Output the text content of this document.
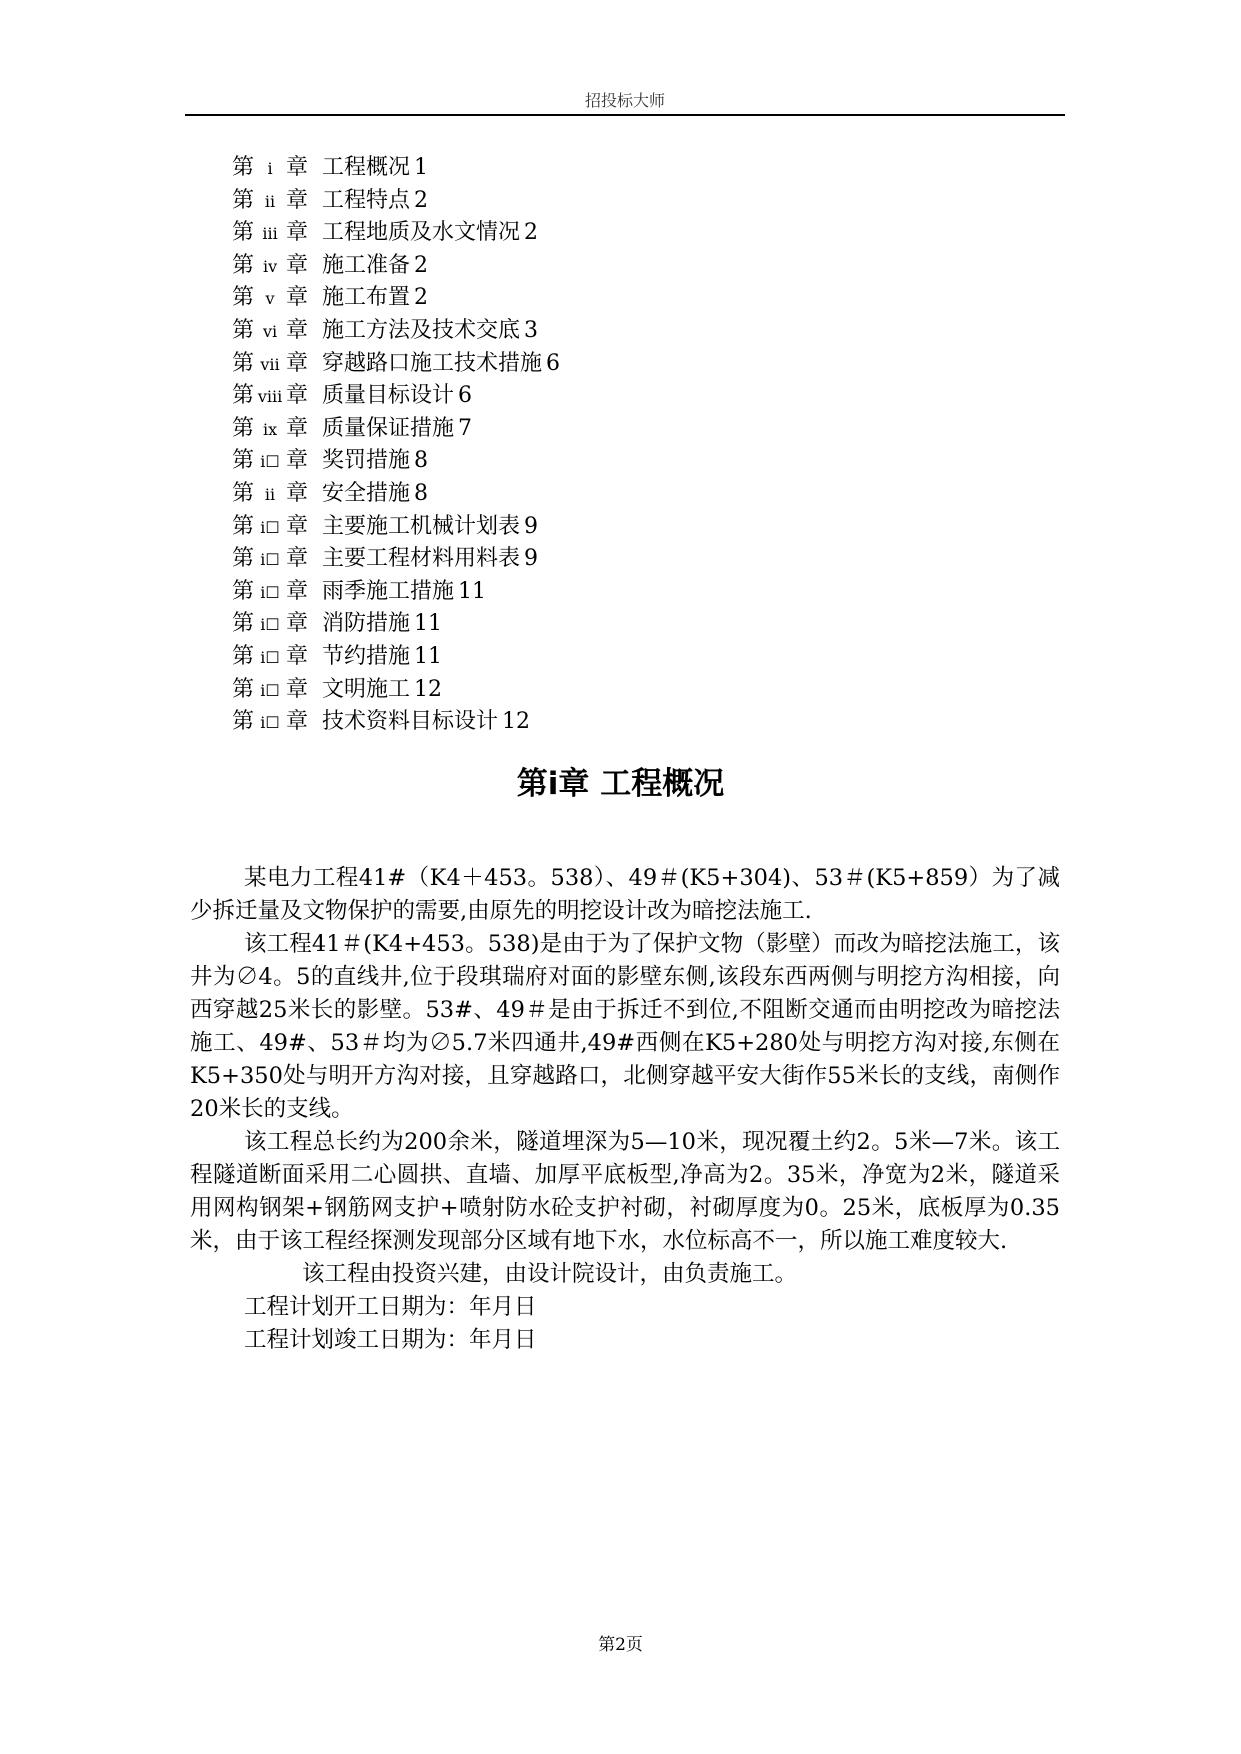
招投标大师
第 ⅰ 章 工程概况 1
第 ⅱ 章 工程特点 2
第 ⅲ 章 工程地质及水文情况 2
第 ⅳ 章 施工准备 2
第 ⅴ 章 施工布置 2
第 ⅵ 章 施工方法及技术交底 3
第 ⅶ 章 穿越路口施工技术措施 6
第 ⅷ 章 质量目标设计 6
第 ⅸ 章 质量保证措施 7
第 ⅰ☐ 章 奖罚措施 8
第 ⅱ 章 安全措施 8
第 ⅰ☐ 章 主要施工机械计划表 9
第 ⅰ☐ 章 主要工程材料用料表 9
第 ⅰ☐ 章 雨季施工措施 11
第 ⅰ☐ 章 消防措施 11
第 ⅰ☐ 章 节约措施 11
第 ⅰ☐ 章 文明施工 12
第 ⅰ☐ 章 技术资料目标设计 12
第ⅰ章 工程概况

某电力工程41#（K4＋453。538）、49＃(K5+304)、53＃(K5+859）为了减少拆迁量及文物保护的需要,由原先的明挖设计改为暗挖法施工.

该工程41＃(K4+453。538)是由于为了保护文物（影壁）而改为暗挖法施工，该井为∅4。5的直线井,位于段琪瑞府对面的影壁东侧,该段东西两侧与明挖方沟相接，向西穿越25米长的影壁。53#、49＃是由于拆迁不到位,不阻断交通而由明挖改为暗挖法施工、49#、53＃均为∅5.7米四通井,49#西侧在K5+280处与明挖方沟对接,东侧在K5+350处与明开方沟对接，且穿越路口，北侧穿越平安大街作55米长的支线，南侧作20米长的支线。

该工程总长约为200余米，隧道埋深为5—10米，现况覆土约2。5米—7米。该工程隧道断面采用二心圆拱、直墙、加厚平底板型,净高为2。35米，净宽为2米，隧道采用网构钢架+钢筋网支护+喷射防水砼支护衬砌，衬砌厚度为0。25米，底板厚为0.35米，由于该工程经探测发现部分区域有地下水，水位标高不一，所以施工难度较大.

该工程由投资兴建，由设计院设计，由负责施工。

工程计划开工日期为：年月日

工程计划竣工日期为：年月日

第2页
